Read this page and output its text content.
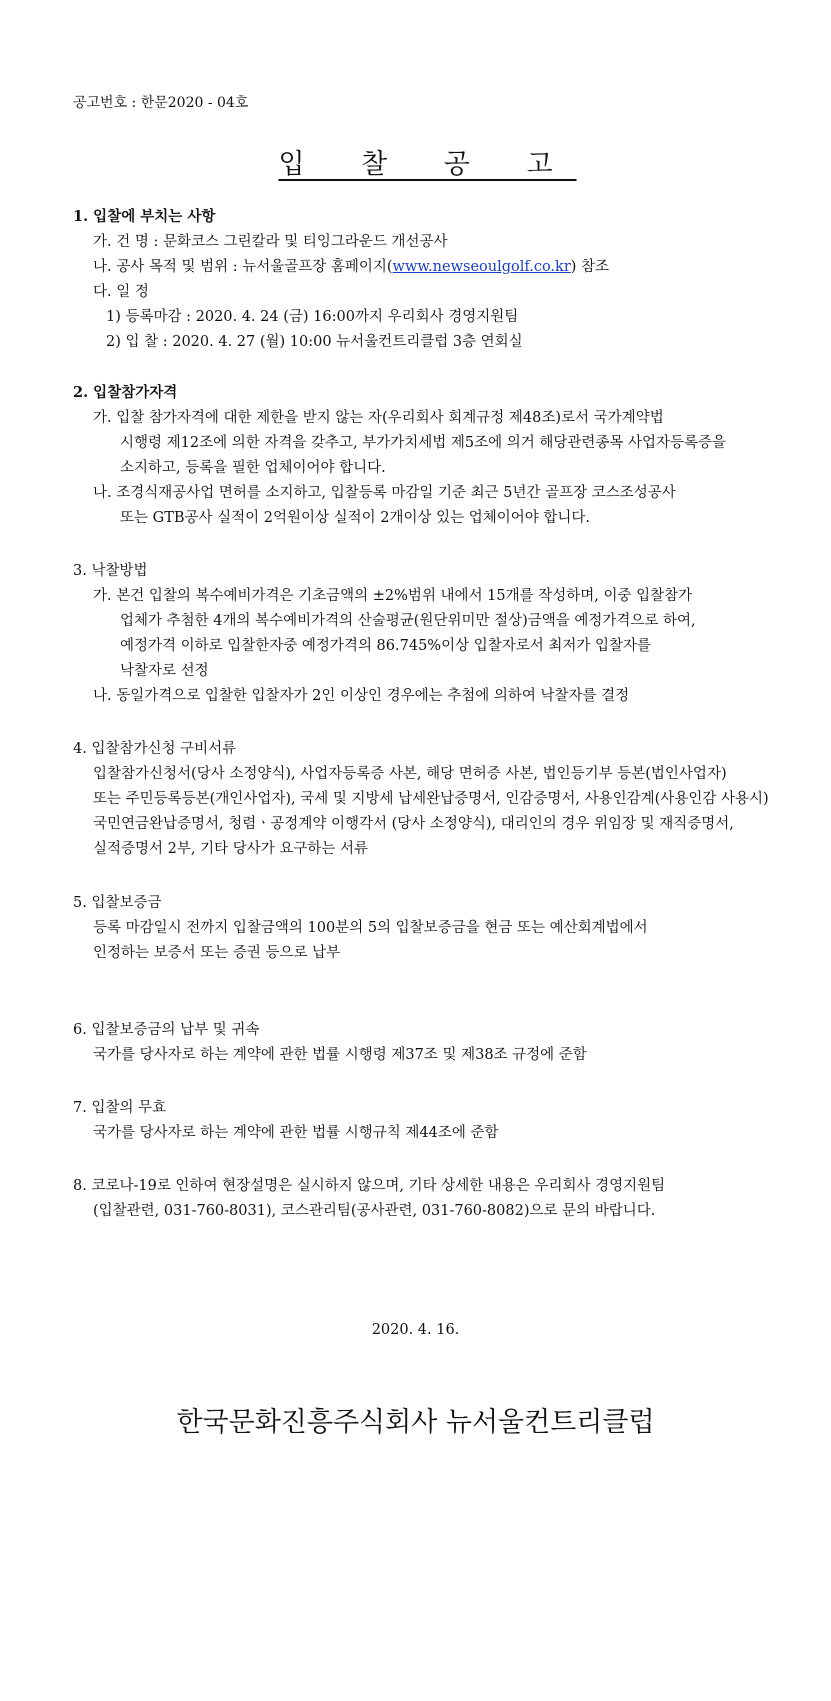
공고번호 : 한문2020 - 04호
입 찰 공 고
1. 입찰에 부치는 사항
가. 건 명 : 문화코스 그린칼라 및 티잉그라운드 개선공사
나. 공사 목적 및 범위 : 뉴서울골프장 홈페이지(www.newseoulgolf.co.kr) 참조
다. 일 정
1) 등록마감 : 2020. 4. 24 (금) 16:00까지 우리회사 경영지원팀
2) 입 찰 : 2020. 4. 27 (월) 10:00 뉴서울컨트리클럽 3층 연회실
2. 입찰참가자격
가. 입찰 참가자격에 대한 제한을 받지 않는 자(우리회사 회계규정 제48조)로서 국가계약법
시행령 제12조에 의한 자격을 갖추고, 부가가치세법 제5조에 의거 해당관련종목 사업자등록증을
소지하고, 등록을 필한 업체이어야 합니다.
나. 조경식재공사업 면허를 소지하고, 입찰등록 마감일 기준 최근 5년간 골프장 코스조성공사
또는 GTB공사 실적이 2억원이상 실적이 2개이상 있는 업체이어야 합니다.
3. 낙찰방법
가. 본건 입찰의 복수예비가격은 기초금액의 ±2%범위 내에서 15개를 작성하며, 이중 입찰참가
업체가 추첨한 4개의 복수예비가격의 산술평균(원단위미만 절상)금액을 예정가격으로 하여,
예정가격 이하로 입찰한자중 예정가격의 86.745%이상 입찰자로서 최저가 입찰자를
낙찰자로 선정
나. 동일가격으로 입찰한 입찰자가 2인 이상인 경우에는 추첨에 의하여 낙찰자를 결정
4. 입찰참가신청 구비서류
입찰참가신청서(당사 소정양식), 사업자등록증 사본, 해당 면허증 사본, 법인등기부 등본(법인사업자)
또는 주민등록등본(개인사업자), 국세 및 지방세 납세완납증명서, 인감증명서, 사용인감계(사용인감 사용시)
국민연금완납증명서, 청렴ㆍ공정계약 이행각서 (당사 소정양식), 대리인의 경우 위임장 및 재직증명서,
실적증명서 2부, 기타 당사가 요구하는 서류
5. 입찰보증금
등록 마감일시 전까지 입찰금액의 100분의 5의 입찰보증금을 현금 또는 예산회계법에서
인정하는 보증서 또는 증권 등으로 납부
6. 입찰보증금의 납부 및 귀속
국가를 당사자로 하는 계약에 관한 법률 시행령 제37조 및 제38조 규정에 준함
7. 입찰의 무효
국가를 당사자로 하는 계약에 관한 법률 시행규칙 제44조에 준함
8. 코로나-19로 인하여 현장설명은 실시하지 않으며, 기타 상세한 내용은 우리회사 경영지원팀
(입찰관련, 031-760-8031), 코스관리팀(공사관련, 031-760-8082)으로 문의 바랍니다.
2020. 4. 16.
한국문화진흥주식회사 뉴서울컨트리클럽
